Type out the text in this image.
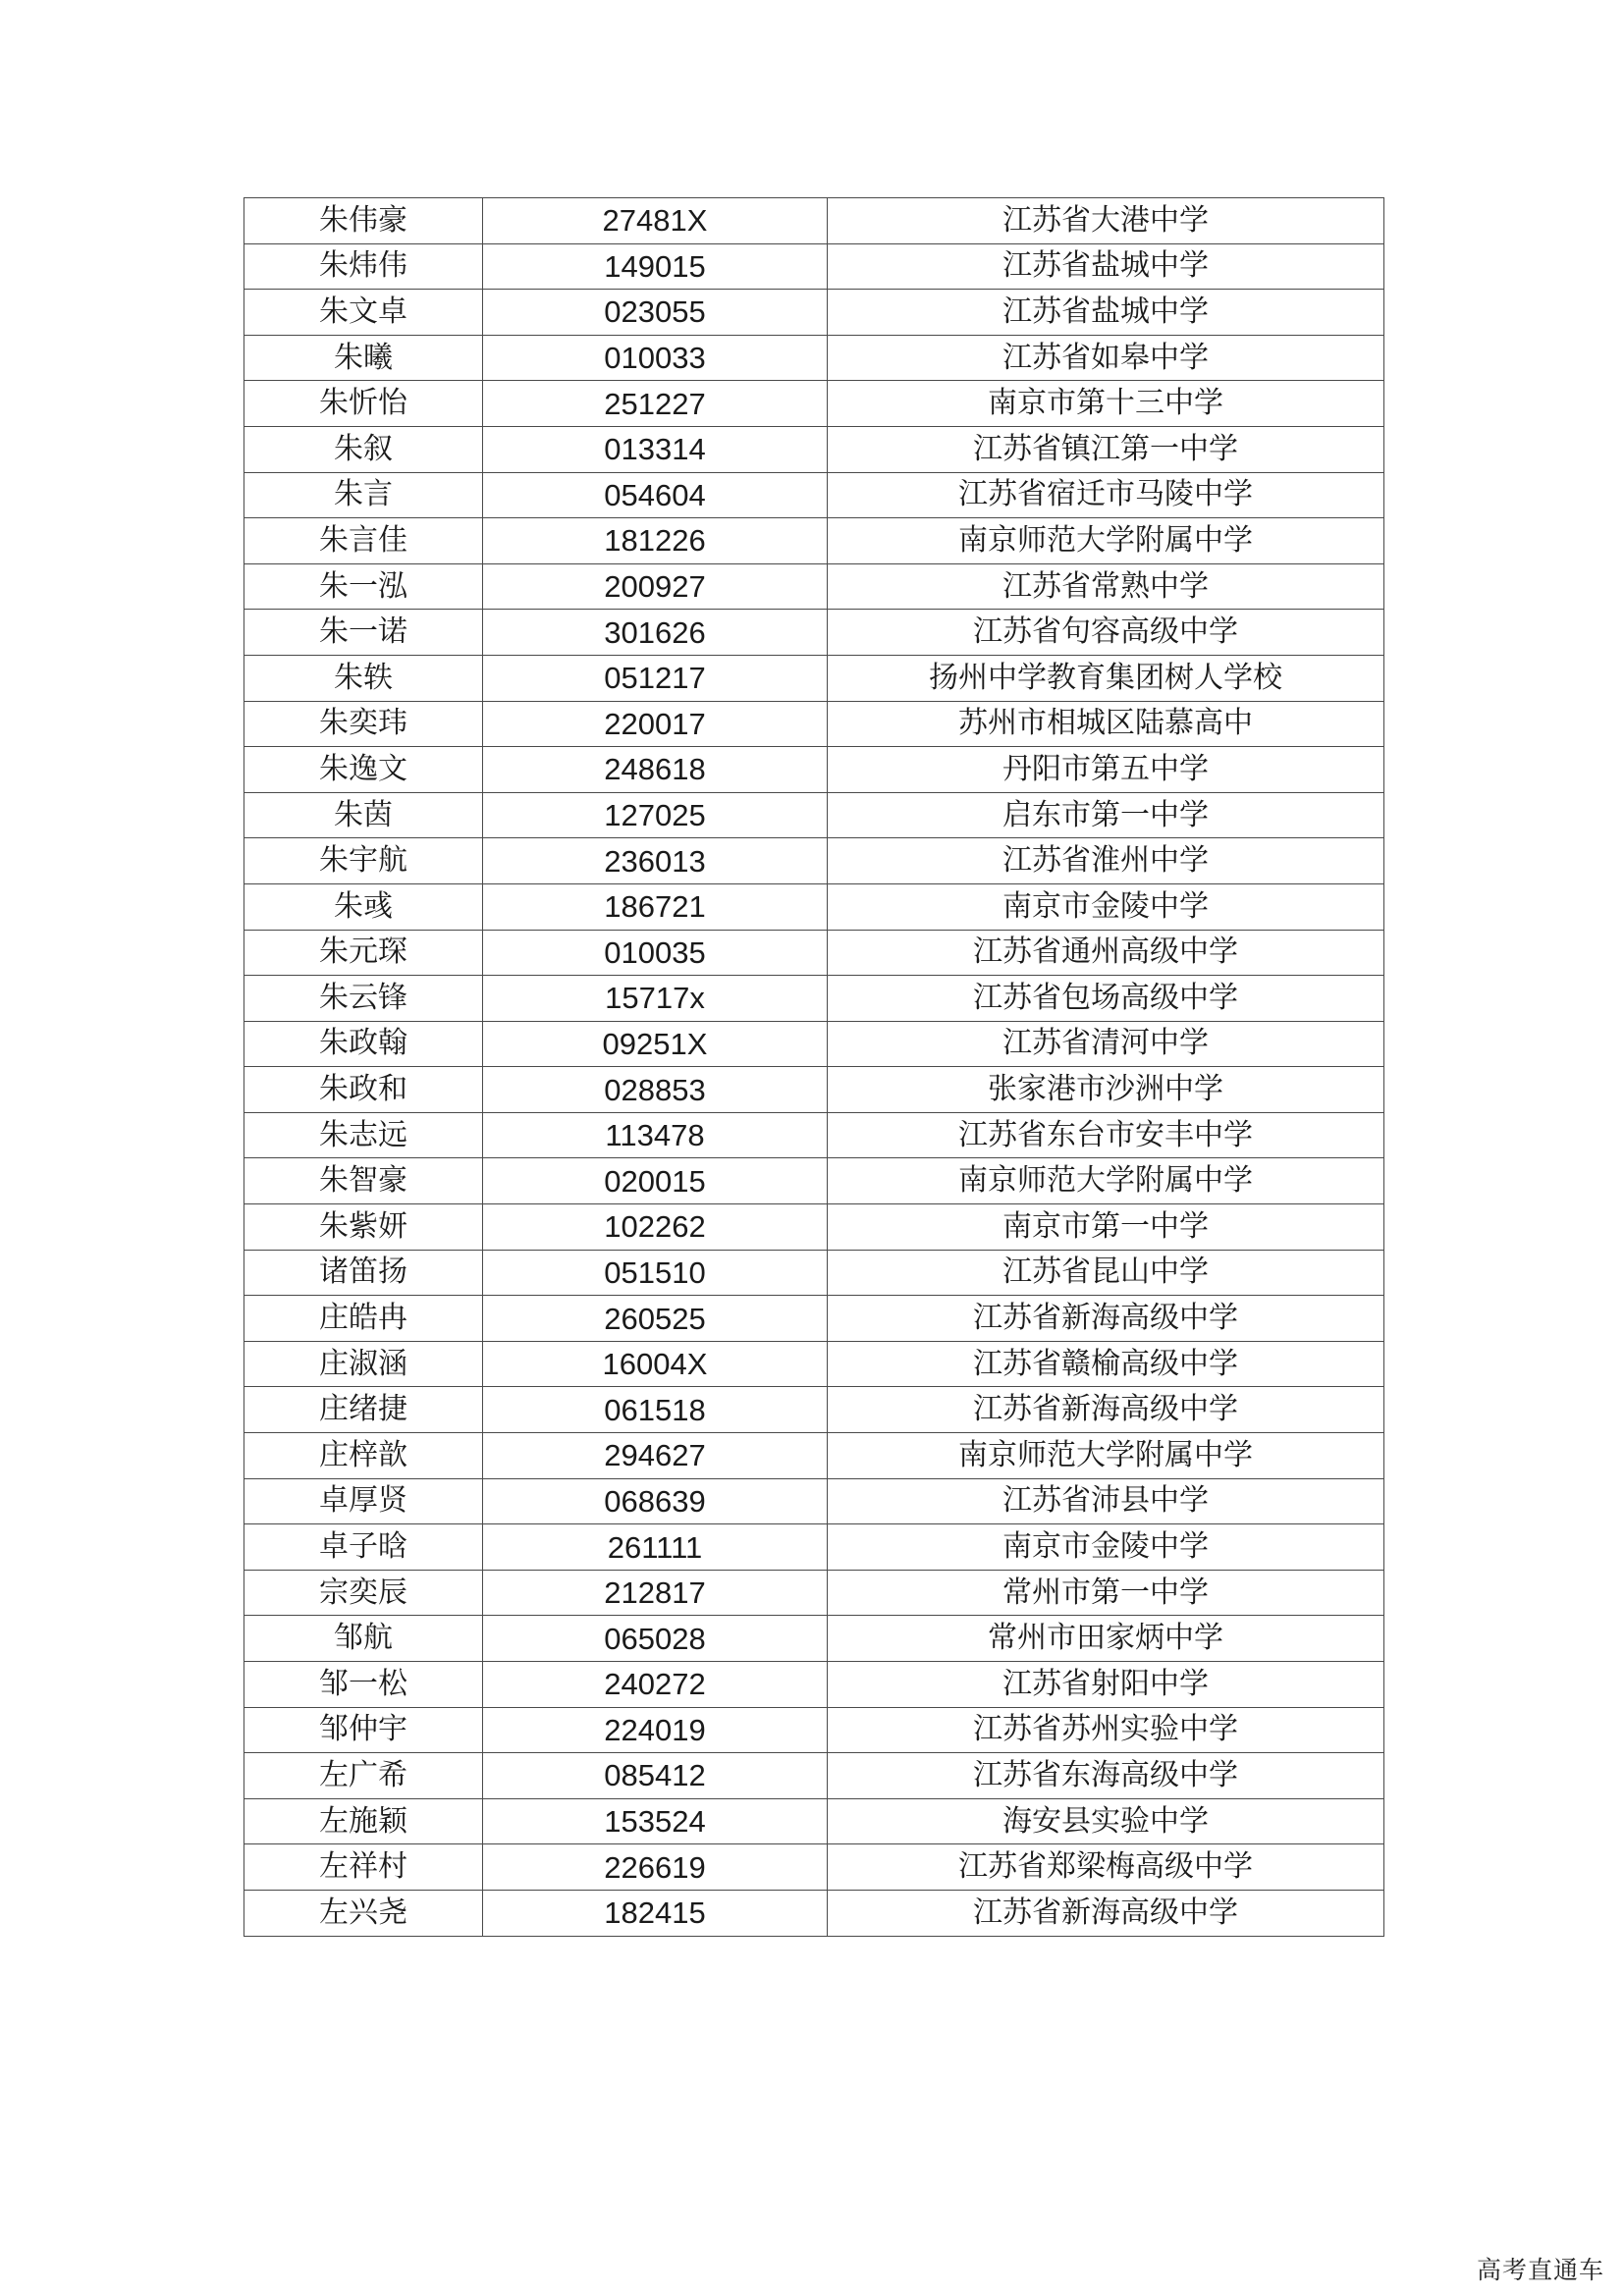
朱伟豪	27481X	江苏省大港中学
朱炜伟	149015	江苏省盐城中学
朱文卓	023055	江苏省盐城中学
朱曦	010033	江苏省如皋中学
朱忻怡	251227	南京市第十三中学
朱叙	013314	江苏省镇江第一中学
朱言	054604	江苏省宿迁市马陵中学
朱言佳	181226	南京师范大学附属中学
朱一泓	200927	江苏省常熟中学
朱一诺	301626	江苏省句容高级中学
朱轶	051217	扬州中学教育集团树人学校
朱奕玮	220017	苏州市相城区陆慕高中
朱逸文	248618	丹阳市第五中学
朱茵	127025	启东市第一中学
朱宇航	236013	江苏省淮州中学
朱彧	186721	南京市金陵中学
朱元琛	010035	江苏省通州高级中学
朱云锋	15717x	江苏省包场高级中学
朱政翰	09251X	江苏省清河中学
朱政和	028853	张家港市沙洲中学
朱志远	113478	江苏省东台市安丰中学
朱智豪	020015	南京师范大学附属中学
朱紫妍	102262	南京市第一中学
诸笛扬	051510	江苏省昆山中学
庄皓冉	260525	江苏省新海高级中学
庄淑涵	16004X	江苏省赣榆高级中学
庄绪捷	061518	江苏省新海高级中学
庄梓歆	294627	南京师范大学附属中学
卓厚贤	068639	江苏省沛县中学
卓子晗	261111	南京市金陵中学
宗奕辰	212817	常州市第一中学
邹航	065028	常州市田家炳中学
邹一松	240272	江苏省射阳中学
邹仲宇	224019	江苏省苏州实验中学
左广希	085412	江苏省东海高级中学
左施颖	153524	海安县实验中学
左祥村	226619	江苏省郑梁梅高级中学
左兴尧	182415	江苏省新海高级中学
高考直通车
